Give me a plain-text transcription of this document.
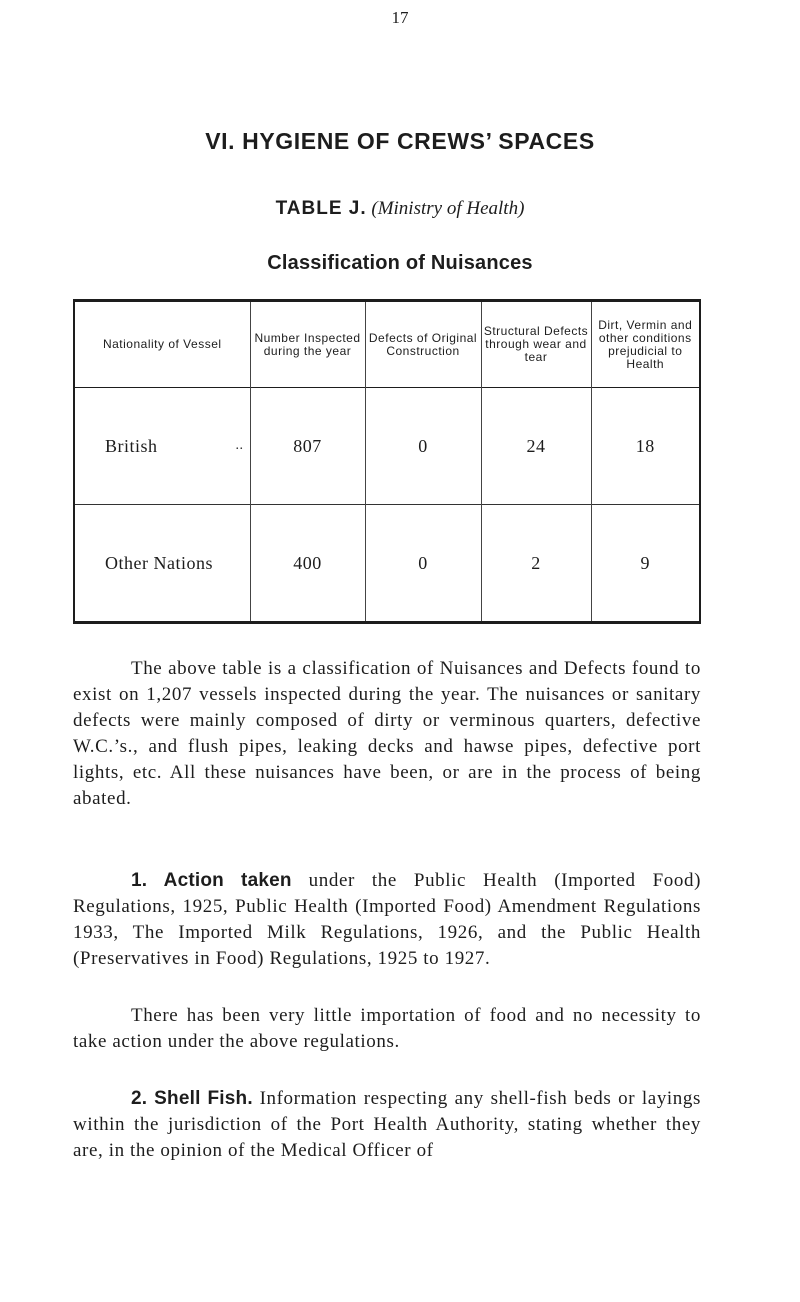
17
VI. HYGIENE OF CREWS’ SPACES
TABLE J. (Ministry of Health)
Classification of Nuisances
Nationality of Vessel	Number Inspected during the year	Defects of Original Construction	Structural Defects through wear and tear	Dirt, Vermin and other conditions prejudicial to Health
British ..	807	0	24	18
Other Nations	400	0	2	9

The above table is a classification of Nuisances and Defects found to exist on 1,207 vessels inspected during the year. The nuisances or sanitary defects were mainly composed of dirty or verminous quarters, defective W.C.’s., and flush pipes, leaking decks and hawse pipes, defective port lights, etc. All these nuisances have been, or are in the process of being abated.

1. Action taken under the Public Health (Imported Food) Regulations, 1925, Public Health (Imported Food) Amendment Regulations 1933, The Imported Milk Regulations, 1926, and the Public Health (Preservatives in Food) Regulations, 1925 to 1927.

There has been very little importation of food and no necessity to take action under the above regulations.

2. Shell Fish. Information respecting any shell-fish beds or layings within the jurisdiction of the Port Health Authority, stating whether they are, in the opinion of the Medical Officer of
